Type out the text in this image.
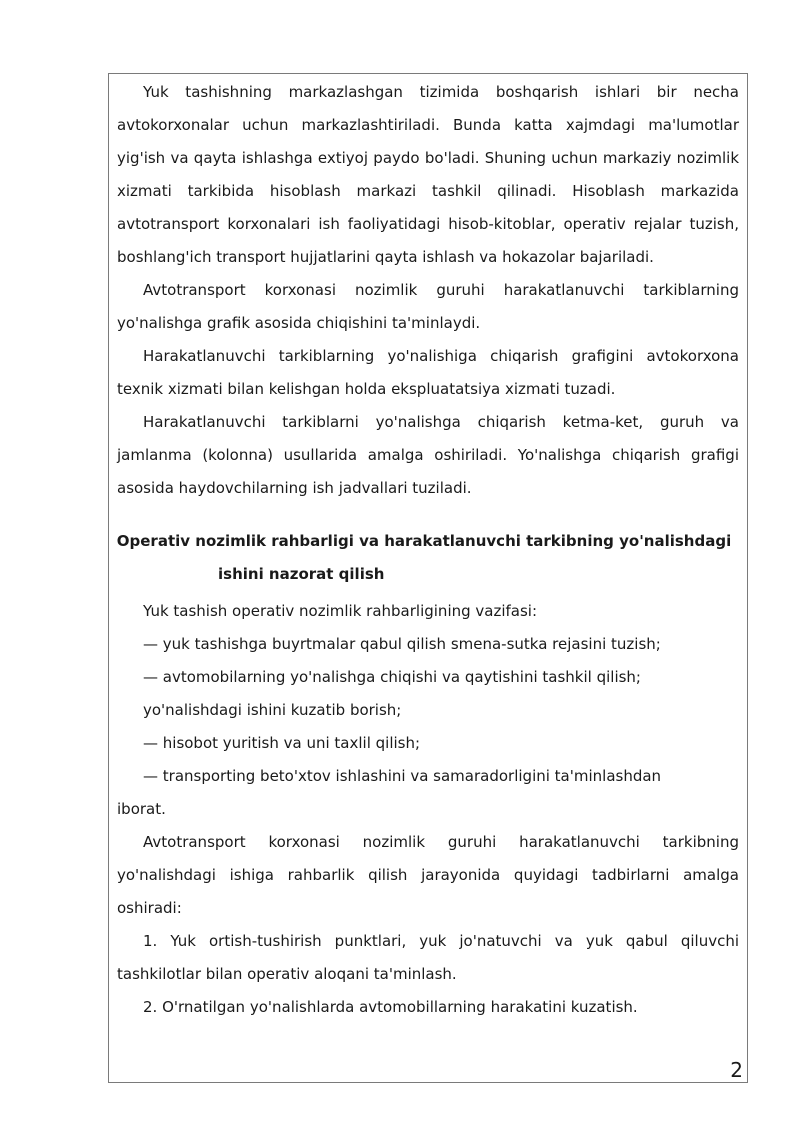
Yuk tashishning markazlashgan tizimida boshqarish ishlari bir necha avtokorxonalar uchun markazlashtiriladi. Bunda katta xajmdagi ma'lumotlar yig'ish va qayta ishlashga extiyoj paydo bo'ladi. Shuning uchun markaziy nozimlik xizmati tarkibida hisoblash markazi tashkil qilinadi. Hisoblash markazida avtotransport korxonalari ish faoliyatidagi hisob-kitoblar, operativ rejalar tuzish, boshlang'ich transport hujjatlarini qayta ishlash va hokazolar bajariladi.

Avtotransport korxonasi nozimlik guruhi harakatlanuvchi tarkiblarning yo'nalishga grafik asosida chiqishini ta'minlaydi.

Harakatlanuvchi tarkiblarning yo'nalishiga chiqarish grafigini avtokorxona texnik xizmati bilan kelishgan holda ekspluatatsiya xizmati tuzadi.

Harakatlanuvchi tarkiblarni yo'nalishga chiqarish ketma-ket, guruh va jamlanma (kolonna) usullarida amalga oshiriladi. Yo'nalishga chiqarish grafigi asosida haydovchilarning ish jadvallari tuziladi.

Operativ nozimlik rahbarligi va harakatlanuvchi tarkibning yo'nalishdagi
ishini nazorat qilish

Yuk tashish operativ nozimlik rahbarligining vazifasi:

— yuk tashishga buyrtmalar qabul qilish smena-sutka rejasini tuzish;

— avtomobilarning yo'nalishga chiqishi va qaytishini tashkil qilish;

yo'nalishdagi ishini kuzatib borish;

— hisobot yuritish va uni taxlil qilish;

— transporting beto'xtov ishlashini va samaradorligini ta'minlashdan

iborat.

Avtotransport korxonasi nozimlik guruhi harakatlanuvchi tarkibning yo'nalishdagi ishiga rahbarlik qilish jarayonida quyidagi tadbirlarni amalga oshiradi:

1. Yuk ortish-tushirish punktlari, yuk jo'natuvchi va yuk qabul qiluvchi tashkilotlar bilan operativ aloqani ta'minlash.

2. O'rnatilgan yo'nalishlarda avtomobillarning harakatini kuzatish.

2
